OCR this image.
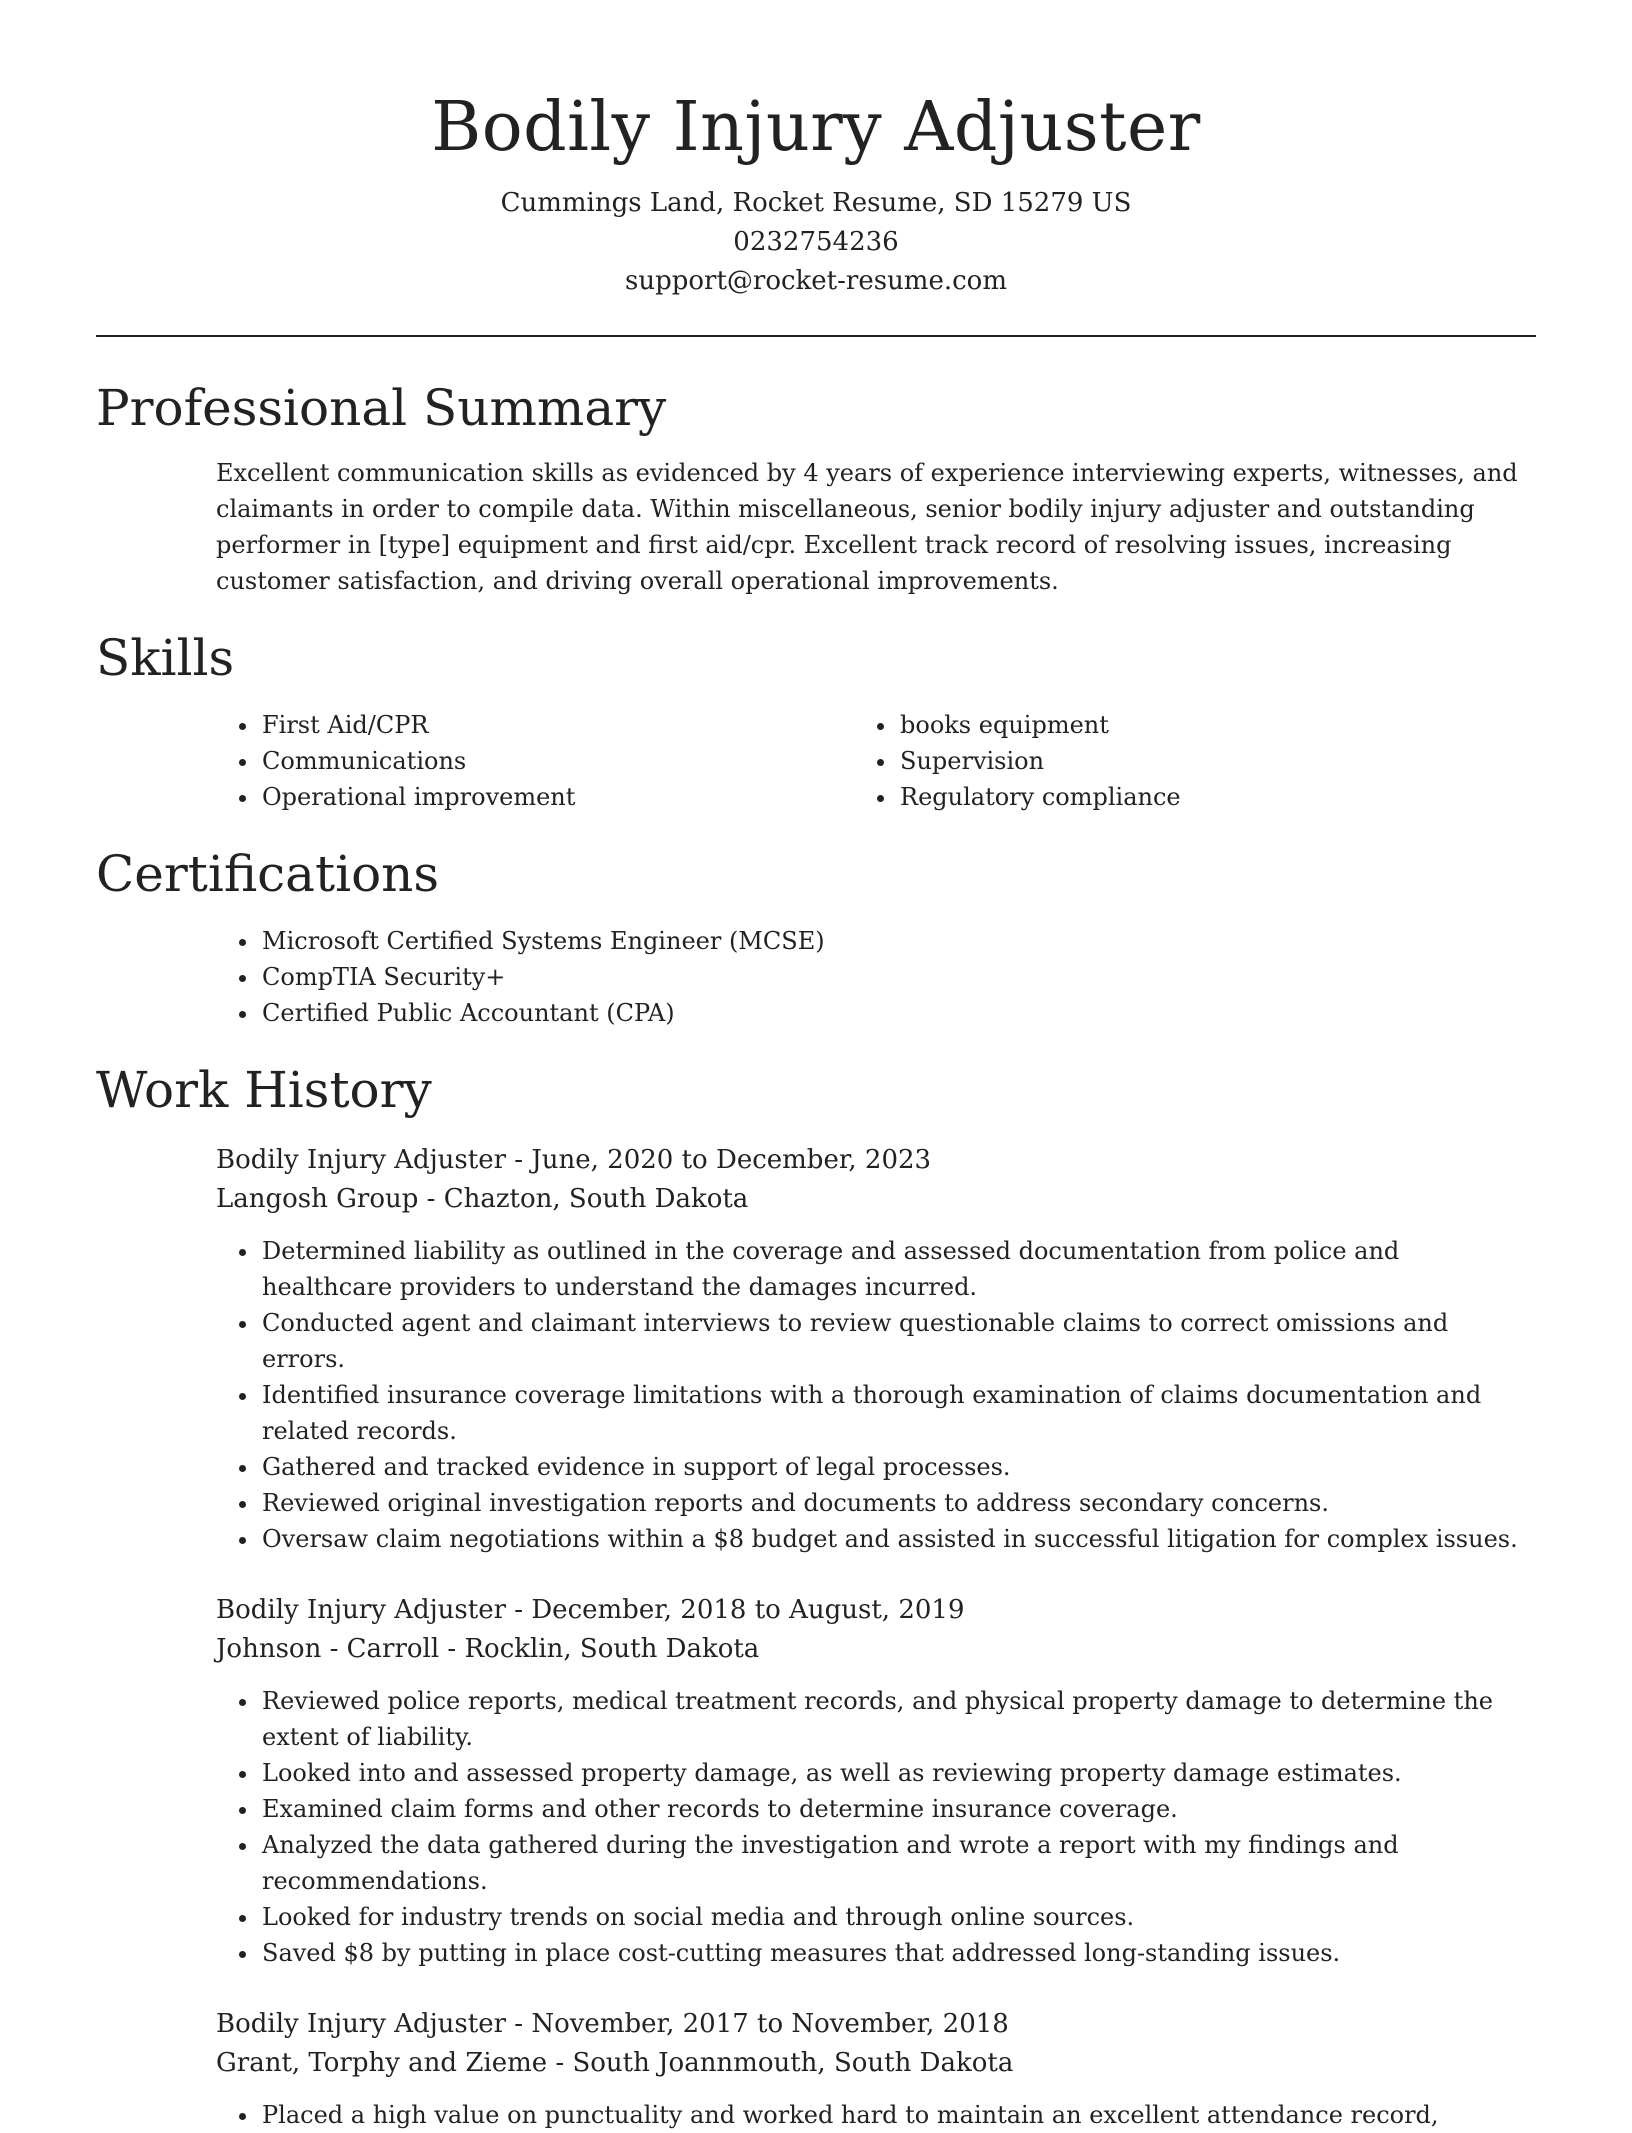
Bodily Injury Adjuster
Cummings Land, Rocket Resume, SD 15279 US
0232754236
support@rocket-resume.com
Professional Summary

Excellent communication skills as evidenced by 4 years of experience interviewing experts, witnesses, and claimants in order to compile data. Within miscellaneous, senior bodily injury adjuster and outstanding performer in [type] equipment and first aid/cpr. Excellent track record of resolving issues, increasing customer satisfaction, and driving overall operational improvements.

Skills
• First Aid/CPR
• Communications
• Operational improvement
• books equipment
• Supervision
• Regulatory compliance
Certifications
• Microsoft Certified Systems Engineer (MCSE)
• CompTIA Security+
• Certified Public Accountant (CPA)
Work History
Bodily Injury Adjuster - June, 2020 to December, 2023
Langosh Group - Chazton, South Dakota
• Determined liability as outlined in the coverage and assessed documentation from police and healthcare providers to understand the damages incurred.
• Conducted agent and claimant interviews to review questionable claims to correct omissions and errors.
• Identified insurance coverage limitations with a thorough examination of claims documentation and related records.
• Gathered and tracked evidence in support of legal processes.
• Reviewed original investigation reports and documents to address secondary concerns.
• Oversaw claim negotiations within a $8 budget and assisted in successful litigation for complex issues.
Bodily Injury Adjuster - December, 2018 to August, 2019
Johnson - Carroll - Rocklin, South Dakota
• Reviewed police reports, medical treatment records, and physical property damage to determine the extent of liability.
• Looked into and assessed property damage, as well as reviewing property damage estimates.
• Examined claim forms and other records to determine insurance coverage.
• Analyzed the data gathered during the investigation and wrote a report with my findings and recommendations.
• Looked for industry trends on social media and through online sources.
• Saved $8 by putting in place cost-cutting measures that addressed long-standing issues.
Bodily Injury Adjuster - November, 2017 to November, 2018
Grant, Torphy and Zieme - South Joannmouth, South Dakota
• Placed a high value on punctuality and worked hard to maintain an excellent attendance record,
